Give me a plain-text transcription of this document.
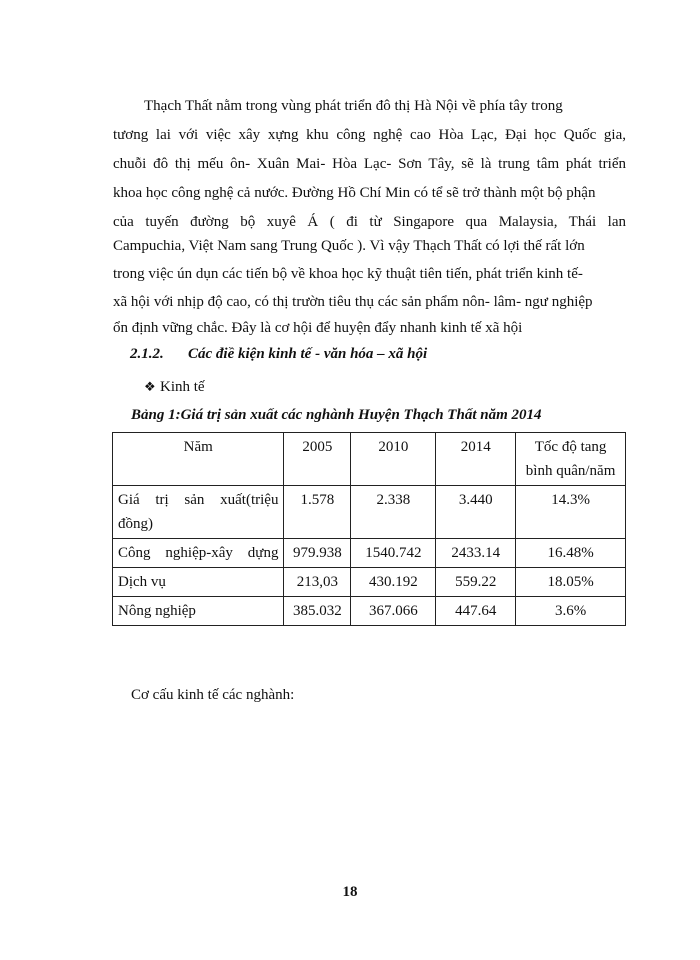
Thạch Thất nằm trong vùng phát triển đô thị Hà Nội về phía tây trong
tương lai với việc xây xựng khu công nghệ cao Hòa Lạc, Đại học Quốc gia,
chuỗi đô thị mếu ôn- Xuân Mai- Hòa Lạc- Sơn Tây, sẽ là trung tâm phát triển
khoa học công nghệ cả nước. Đường Hồ Chí Min có tể sẽ trở thành một bộ phận
của tuyến đường bộ xuyê Á ( đi từ Singapore qua Malaysia, Thái lan
Campuchia, Việt Nam sang Trung Quốc ). Vì vậy Thạch Thất có lợi thế rất lớn
trong việc ún dụn các tiến bộ về khoa học kỹ thuật tiên tiến, phát triển kinh tế-
xã hội với nhịp độ cao, có thị trườn tiêu thụ các sản phẩm nôn- lâm- ngư nghiệp
ổn định vững chắc. Đây là cơ hội để huyện đẩy nhanh kinh tế xã hội
2.1.2. Các điề kiện kinh tế - văn hóa – xã hội
❖ Kinh tế
Bảng 1:Giá trị sản xuất các nghành Huyện Thạch Thất năm 2014
Năm	2005	2010	2014	Tốc độ tang bình quân/năm
Giá trị sản xuất(triệu đồng)	1.578	2.338	3.440	14.3%
Công nghiệp-xây dựng	979.938	1540.742	2433.14	16.48%
Dịch vụ	213,03	430.192	559.22	18.05%
Nông nghiệp	385.032	367.066	447.64	3.6%
Cơ cấu kinh tế các nghành:
18
